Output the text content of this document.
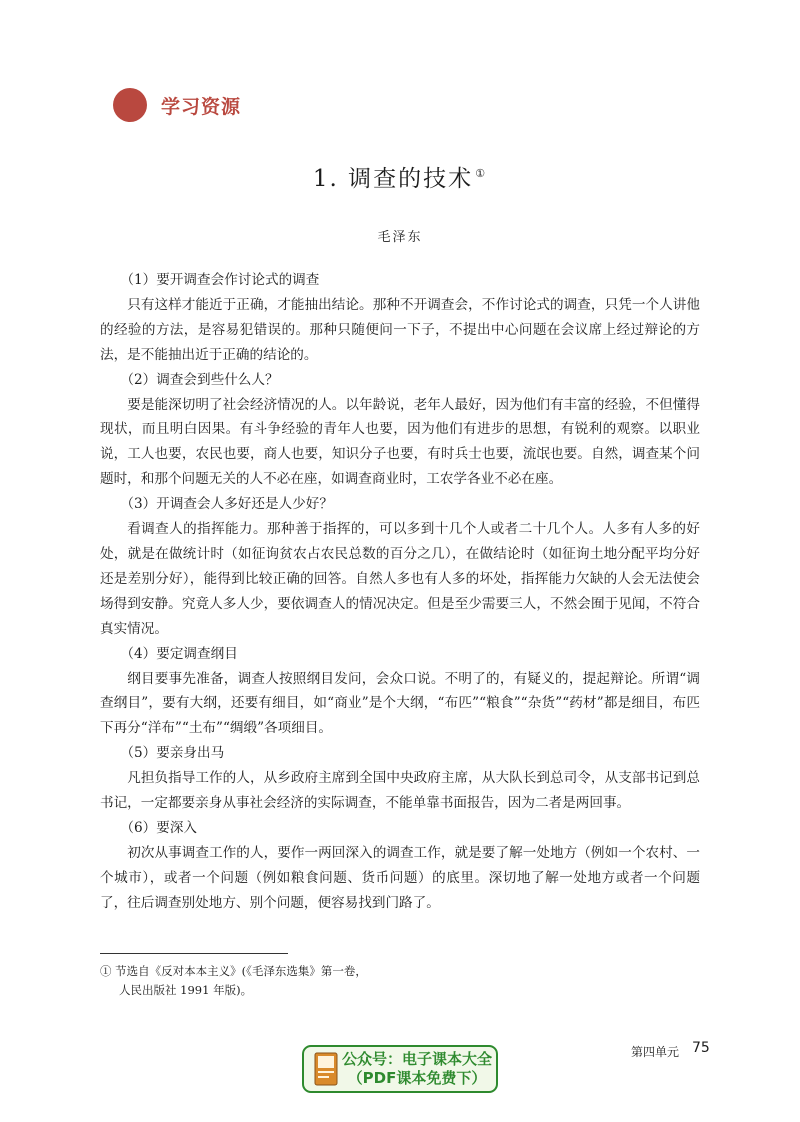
学习资源
1. 调查的技术 ①
毛泽东

（1）要开调查会作讨论式的调查

只有这样才能近于正确，才能抽出结论。那种不开调查会，不作讨论式的调查，只凭一个人讲他的经验的方法，是容易犯错误的。那种只随便问一下子，不提出中心问题在会议席上经过辩论的方法，是不能抽出近于正确的结论的。

（2）调查会到些什么人？

要是能深切明了社会经济情况的人。以年龄说，老年人最好，因为他们有丰富的经验，不但懂得现状，而且明白因果。有斗争经验的青年人也要，因为他们有进步的思想，有锐利的观察。以职业说，工人也要，农民也要，商人也要，知识分子也要，有时兵士也要，流氓也要。自然，调查某个问题时，和那个问题无关的人不必在座，如调查商业时，工农学各业不必在座。

（3）开调查会人多好还是人少好？

看调查人的指挥能力。那种善于指挥的，可以多到十几个人或者二十几个人。人多有人多的好处，就是在做统计时（如征询贫农占农民总数的百分之几），在做结论时（如征询土地分配平均分好还是差别分好），能得到比较正确的回答。自然人多也有人多的坏处，指挥能力欠缺的人会无法使会场得到安静。究竟人多人少，要依调查人的情况决定。但是至少需要三人，不然会囿于见闻，不符合真实情况。

（4）要定调查纲目

纲目要事先准备，调查人按照纲目发问，会众口说。不明了的，有疑义的，提起辩论。所谓“调查纲目”，要有大纲，还要有细目，如“商业”是个大纲，“布匹”“粮食”“杂货”“药材”都是细目，布匹下再分“洋布”“土布”“绸缎”各项细目。

（5）要亲身出马

凡担负指导工作的人，从乡政府主席到全国中央政府主席，从大队长到总司令，从支部书记到总书记，一定都要亲身从事社会经济的实际调查，不能单靠书面报告，因为二者是两回事。

（6）要深入

初次从事调查工作的人，要作一两回深入的调查工作，就是要了解一处地方（例如一个农村、一个城市），或者一个问题（例如粮食问题、货币问题）的底里。深切地了解一处地方或者一个问题了，往后调查别处地方、别个问题，便容易找到门路了。

① 节选自《反对本本主义》(《毛泽东选集》第一卷，
人民出版社 1991 年版)。
公众号：电子课本大全
（PDF课本免费下）
第四单元 75
